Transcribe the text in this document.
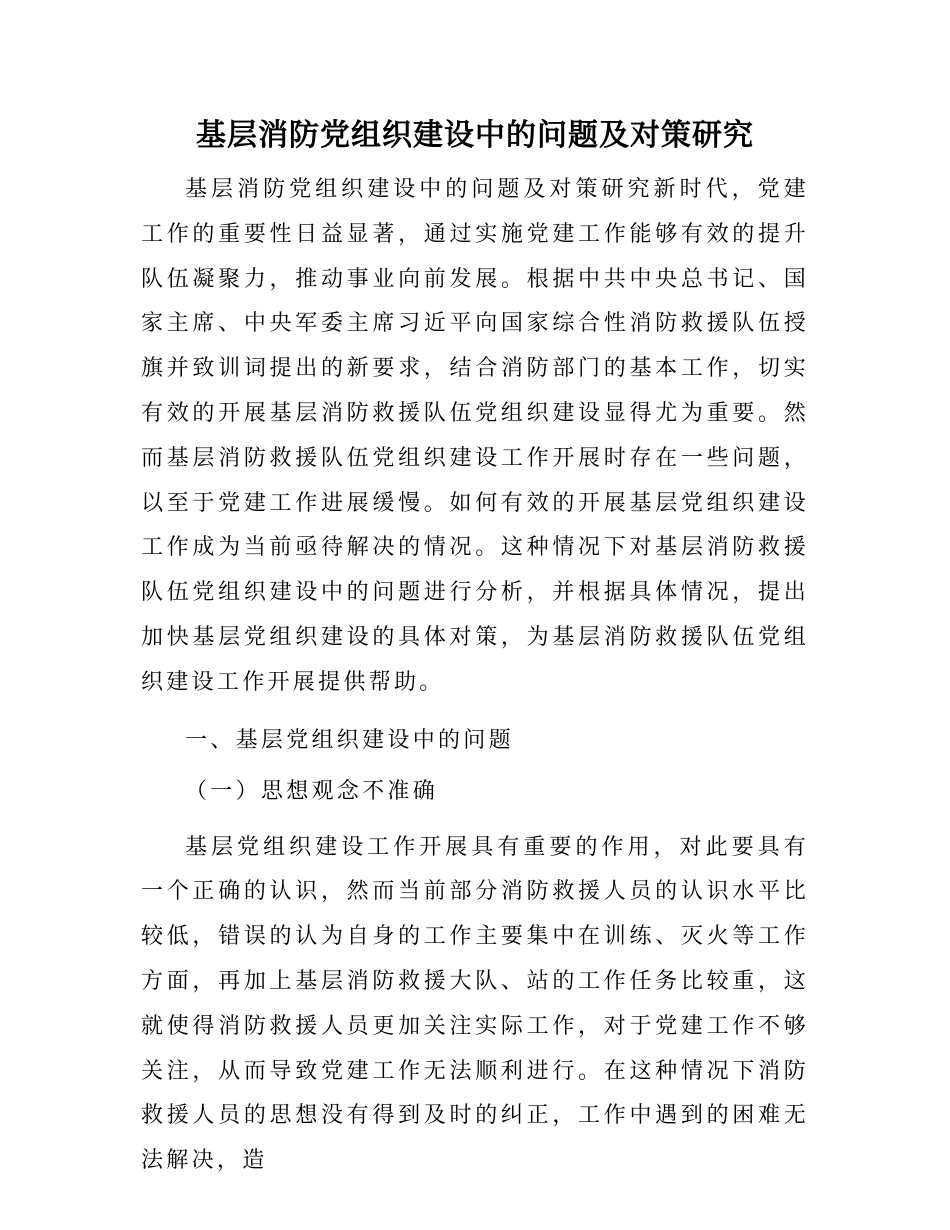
基层消防党组织建设中的问题及对策研究

基层消防党组织建设中的问题及对策研究新时代，党建工作的重要性日益显著，通过实施党建工作能够有效的提升队伍凝聚力，推动事业向前发展。根据中共中央总书记、国家主席、中央军委主席习近平向国家综合性消防救援队伍授旗并致训词提出的新要求，结合消防部门的基本工作，切实有效的开展基层消防救援队伍党组织建设显得尤为重要。然而基层消防救援队伍党组织建设工作开展时存在一些问题，以至于党建工作进展缓慢。如何有效的开展基层党组织建设工作成为当前亟待解决的情况。这种情况下对基层消防救援队伍党组织建设中的问题进行分析，并根据具体情况，提出加快基层党组织建设的具体对策，为基层消防救援队伍党组织建设工作开展提供帮助。

一、基层党组织建设中的问题

（一）思想观念不准确

基层党组织建设工作开展具有重要的作用，对此要具有一个正确的认识，然而当前部分消防救援人员的认识水平比较低，错误的认为自身的工作主要集中在训练、灭火等工作方面，再加上基层消防救援大队、站的工作任务比较重，这就使得消防救援人员更加关注实际工作，对于党建工作不够关注，从而导致党建工作无法顺利进行。在这种情况下消防救援人员的思想没有得到及时的纠正，工作中遇到的困难无法解决，造
